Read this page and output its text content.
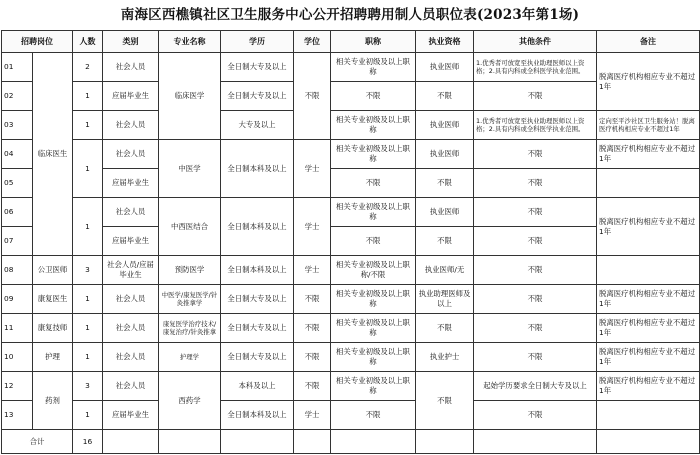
南海区西樵镇社区卫生服务中心公开招聘聘用制人员职位表(2023年第1场)
招聘岗位		人数	类别	专业名称	学历	学位	职称	执业资格	其他条件	备注
01	临床医生	2	社会人员	临床医学	全日制大专及以上	不限	相关专业初级及以上职称	执业医师	1.优秀者可放宽至执业助理医师以上资格；2.具有内科或全科医学执业范围。	脱离医疗机构相应专业不超过1年
02		1	应届毕业生		全日制大专及以上		不限	不限	不限	
03		1	社会人员		大专及以上		相关专业初级及以上职称	执业医师	1.优秀者可放宽至执业助理医师以上资格；2.具有内科或全科医学执业范围。	定向至平沙社区卫生服务站！脱离医疗机构相应专业不超过1年
04		1	社会人员	中医学	全日制本科及以上	学士	相关专业初级及以上职称	执业医师	不限	脱离医疗机构相应专业不超过1年
05			应届毕业生				不限	不限	不限	
06		1	社会人员	中西医结合	全日制本科及以上	学士	相关专业初级及以上职称	执业医师	不限	脱离医疗机构相应专业不超过1年
07			应届毕业生				不限	不限	不限	
08	公卫医师	3	社会人员/应届毕业生	预防医学	全日制本科及以上	学士	相关专业初级及以上职称/不限	执业医师/无	不限	
09	康复医生	1	社会人员	中医学/康复医学/针灸推拿学	全日制大专及以上	不限	相关专业初级及以上职称	执业助理医师及以上	不限	脱离医疗机构相应专业不超过1年
11	康复技师	1	社会人员	康复医学治疗技术/康复治疗/针灸推拿	全日制大专及以上	不限	相关专业初级及以上职称	不限	不限	脱离医疗机构相应专业不超过1年
10	护理	1	社会人员	护理学	全日制大专及以上	不限	相关专业初级及以上职称	执业护士	不限	脱离医疗机构相应专业不超过1年
12	药剂	3	社会人员	西药学	本科及以上	不限	相关专业初级及以上职称	不限	起始学历要求全日制大专及以上	脱离医疗机构相应专业不超过1年
13		1	应届毕业生		全日制本科及以上	学士	不限		不限	
合计		16								
